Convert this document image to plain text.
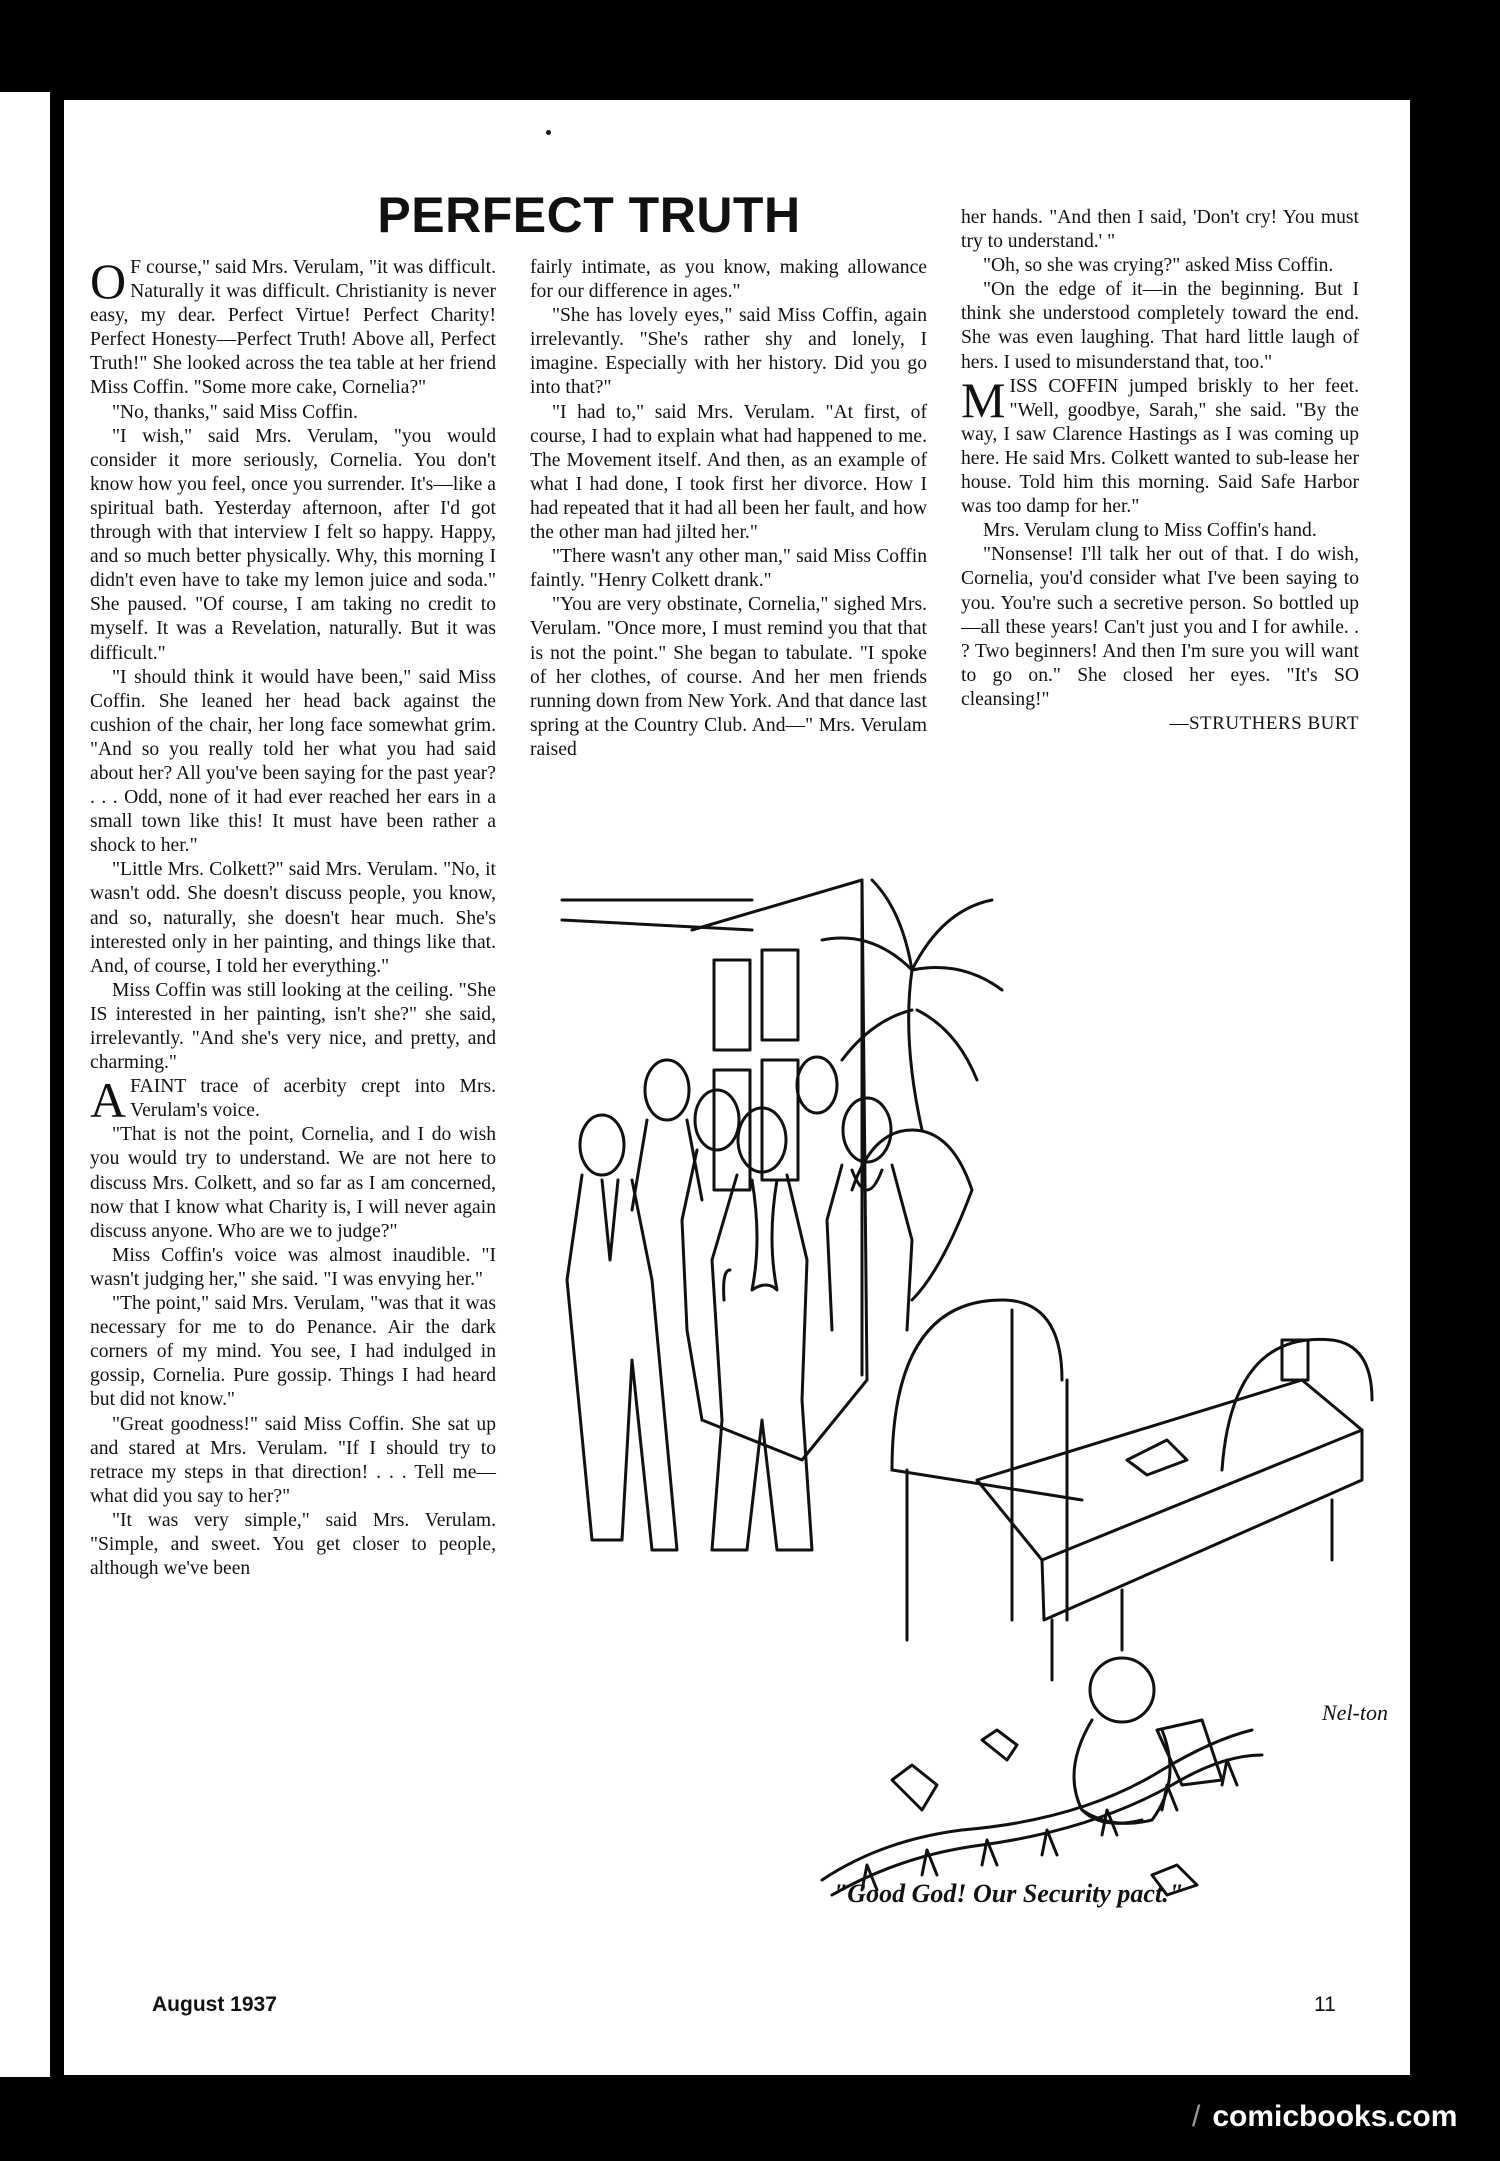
PERFECT TRUTH

O F course," said Mrs. Verulam, "it was difficult. Naturally it was difficult. Christianity is never easy, my dear. Perfect Virtue! Perfect Charity! Perfect Honesty—Perfect Truth! Above all, Perfect Truth!" She looked across the tea table at her friend Miss Coffin. "Some more cake, Cornelia?"

"No, thanks," said Miss Coffin.

"I wish," said Mrs. Verulam, "you would consider it more seriously, Cornelia. You don't know how you feel, once you surrender. It's—like a spiritual bath. Yesterday afternoon, after I'd got through with that interview I felt so happy. Happy, and so much better physically. Why, this morning I didn't even have to take my lemon juice and soda." She paused. "Of course, I am taking no credit to myself. It was a Revelation, naturally. But it was difficult."

"I should think it would have been," said Miss Coffin. She leaned her head back against the cushion of the chair, her long face somewhat grim. "And so you really told her what you had said about her? All you've been saying for the past year? . . . Odd, none of it had ever reached her ears in a small town like this! It must have been rather a shock to her."

"Little Mrs. Colkett?" said Mrs. Verulam. "No, it wasn't odd. She doesn't discuss people, you know, and so, naturally, she doesn't hear much. She's interested only in her painting, and things like that. And, of course, I told her everything."

Miss Coffin was still looking at the ceiling. "She IS interested in her painting, isn't she?" she said, irrelevantly. "And she's very nice, and pretty, and charming."

AFAINT trace of acerbity crept into Mrs. Verulam's voice.

"That is not the point, Cornelia, and I do wish you would try to understand. We are not here to discuss Mrs. Colkett, and so far as I am concerned, now that I know what Charity is, I will never again discuss anyone. Who are we to judge?"

Miss Coffin's voice was almost inaudible. "I wasn't judging her," she said. "I was envying her."

"The point," said Mrs. Verulam, "was that it was necessary for me to do Penance. Air the dark corners of my mind. You see, I had indulged in gossip, Cornelia. Pure gossip. Things I had heard but did not know."

"Great goodness!" said Miss Coffin. She sat up and stared at Mrs. Verulam. "If I should try to retrace my steps in that direction! . . . Tell me—what did you say to her?"

"It was very simple," said Mrs. Verulam. "Simple, and sweet. You get closer to people, although we've been

fairly intimate, as you know, making allowance for our difference in ages."

"She has lovely eyes," said Miss Coffin, again irrelevantly. "She's rather shy and lonely, I imagine. Especially with her history. Did you go into that?"

"I had to," said Mrs. Verulam. "At first, of course, I had to explain what had happened to me. The Movement itself. And then, as an example of what I had done, I took first her divorce. How I had repeated that it had all been her fault, and how the other man had jilted her."

"There wasn't any other man," said Miss Coffin faintly. "Henry Colkett drank."

"You are very obstinate, Cornelia," sighed Mrs. Verulam. "Once more, I must remind you that that is not the point." She began to tabulate. "I spoke of her clothes, of course. And her men friends running down from New York. And that dance last spring at the Country Club. And—" Mrs. Verulam raised

her hands. "And then I said, 'Don't cry! You must try to understand.' "

"Oh, so she was crying?" asked Miss Coffin.

"On the edge of it—in the beginning. But I think she understood completely toward the end. She was even laughing. That hard little laugh of hers. I used to misunderstand that, too."

MISS COFFIN jumped briskly to her feet. "Well, goodbye, Sarah," she said. "By the way, I saw Clarence Hastings as I was coming up here. He said Mrs. Colkett wanted to sub-lease her house. Told him this morning. Said Safe Harbor was too damp for her."

Mrs. Verulam clung to Miss Coffin's hand.

"Nonsense! I'll talk her out of that. I do wish, Cornelia, you'd consider what I've been saying to you. You're such a secretive person. So bottled up—all these years! Can't just you and I for awhile. . ? Two beginners! And then I'm sure you will want to go on." She closed her eyes. "It's SO cleansing!"

—STRUTHERS BURT

Nel-ton

"Good God! Our Security pact."

August 1937	11
/ comicbooks.com
